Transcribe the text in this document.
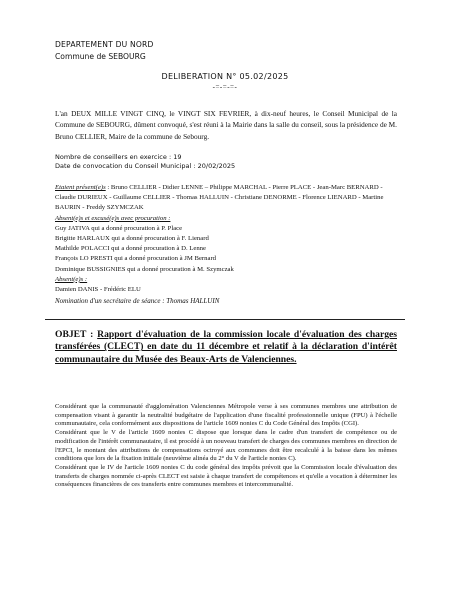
DEPARTEMENT DU NORD
Commune de SEBOURG
DELIBERATION N° 05.02/2025
-=-=-=-
L'an DEUX MILLE VINGT CINQ, le VINGT SIX FEVRIER, à dix-neuf heures, le Conseil Municipal de la Commune de SEBOURG, dûment convoqué, s'est réuni à la Mairie dans la salle du conseil, sous la présidence de M. Bruno CELLIER, Maire de la commune de Sebourg.
Nombre de conseillers en exercice : 19
Date de convocation du Conseil Municipal : 20/02/2025
Etaient présent(e)s : Bruno CELLIER - Didier LENNE – Philippe MARCHAL - Pierre PLACE - Jean-Marc BERNARD - Claudie DURIEUX - Guillaume CELLIER - Thomas HALLUIN - Christiane DENORME - Florence LIENARD - Martine BAURIN - Freddy SZYMCZAK
Absent(e)s et excusé(e)s avec procuration :
Guy JATIVA qui a donné procuration à P. Place
Brigitte HARLAUX qui a donné procuration à F. Lienard
Mathilde POLACCI qui a donné procuration à D. Lenne
François LO PRESTI qui a donné procuration à JM Bernard
Dominique BUSSIGNIES qui a donné procuration à M. Szymczak
Absent(e)s :
Damien DANIS - Frédéric ELU
Nomination d'un secrétaire de séance : Thomas HALLUIN
OBJET : Rapport d'évaluation de la commission locale d'évaluation des charges transférées (CLECT) en date du 11 décembre et relatif à la déclaration d'intérêt communautaire du Musée des Beaux-Arts de Valenciennes.

Considérant que la communauté d'agglomération Valenciennes Métropole verse à ses communes membres une attribution de compensation visant à garantir la neutralité budgétaire de l'application d'une fiscalité professionnelle unique (FPU) à l'échelle communautaire, cela conformément aux dispositions de l'article 1609 nonies C du Code Général des Impôts (CGI).

Considérant que le V de l'article 1609 nonies C dispose que lorsque dans le cadre d'un transfert de compétence ou de modification de l'intérêt communautaire, il est procédé à un nouveau transfert de charges des communes membres en direction de l'EPCI, le montant des attributions de compensations octroyé aux communes doit être recalculé à la baisse dans les mêmes conditions que lors de la fixation initiale (neuvième alinéa du 2° du V de l'article nonies C).

Considérant que le IV de l'article 1609 nonies C du code général des impôts prévoit que la Commission locale d'évaluation des transferts de charges nommée ci-après CLECT est saisie à chaque transfert de compétences et qu'elle a vocation à déterminer les conséquences financières de ces transferts entre communes membres et intercommunalité.
